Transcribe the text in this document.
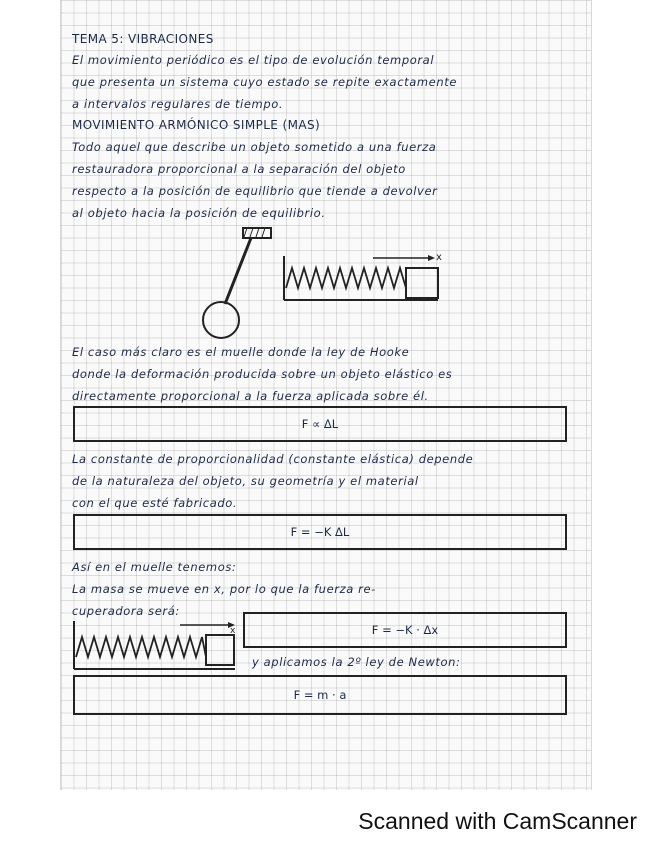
TEMA 5: VIBRACIONES
El movimiento periódico es el tipo de evolución temporal
que presenta un sistema cuyo estado se repite exactamente
a intervalos regulares de tiempo.
MOVIMIENTO ARMÓNICO SIMPLE (MAS)
Todo aquel que describe un objeto sometido a una fuerza
restauradora proporcional a la separación del objeto
respecto a la posición de equilibrio que tiende a devolver
al objeto hacia la posición de equilibrio.
x
El caso más claro es el muelle donde la ley de Hooke
donde la deformación producida sobre un objeto elástico es
directamente proporcional a la fuerza aplicada sobre él.
F ∝ ΔL
La constante de proporcionalidad (constante elástica) depende
de la naturaleza del objeto, su geometría y el material
con el que esté fabricado.
F = −K ΔL
Así en el muelle tenemos:
La masa se mueve en x, por lo que la fuerza re-
cuperadora será:
x	F = −K · Δx
y aplicamos la 2º ley de Newton:
F = m · a
Scanned with CamScanner
